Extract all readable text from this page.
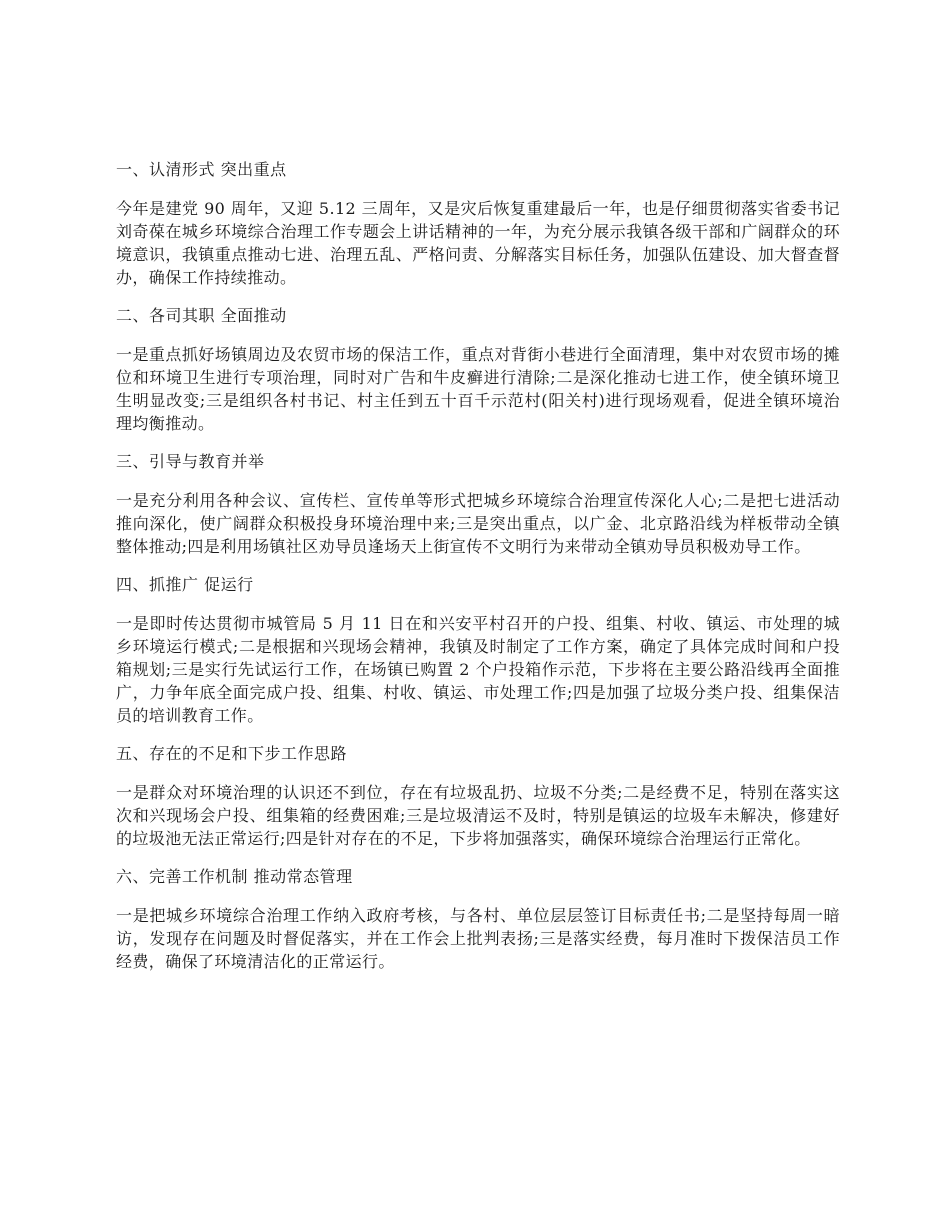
一、认清形式 突出重点

今年是建党 90 周年，又迎 5.12 三周年，又是灾后恢复重建最后一年，也是仔细贯彻落实省委书记刘奇葆在城乡环境综合治理工作专题会上讲话精神的一年，为充分展示我镇各级干部和广阔群众的环境意识，我镇重点推动七进、治理五乱、严格问责、分解落实目标任务，加强队伍建设、加大督查督办，确保工作持续推动。

二、各司其职 全面推动

一是重点抓好场镇周边及农贸市场的保洁工作，重点对背街小巷进行全面清理，集中对农贸市场的摊位和环境卫生进行专项治理，同时对广告和牛皮癣进行清除;二是深化推动七进工作，使全镇环境卫生明显改变;三是组织各村书记、村主任到五十百千示范村(阳关村)进行现场观看，促进全镇环境治理均衡推动。

三、引导与教育并举

一是充分利用各种会议、宣传栏、宣传单等形式把城乡环境综合治理宣传深化人心;二是把七进活动推向深化，使广阔群众积极投身环境治理中来;三是突出重点，以广金、北京路沿线为样板带动全镇整体推动;四是利用场镇社区劝导员逢场天上街宣传不文明行为来带动全镇劝导员积极劝导工作。

四、抓推广 促运行

一是即时传达贯彻市城管局 5 月 11 日在和兴安平村召开的户投、组集、村收、镇运、市处理的城乡环境运行模式;二是根据和兴现场会精神，我镇及时制定了工作方案，确定了具体完成时间和户投箱规划;三是实行先试运行工作，在场镇已购置 2 个户投箱作示范，下步将在主要公路沿线再全面推广，力争年底全面完成户投、组集、村收、镇运、市处理工作;四是加强了垃圾分类户投、组集保洁员的培训教育工作。

五、存在的不足和下步工作思路

一是群众对环境治理的认识还不到位，存在有垃圾乱扔、垃圾不分类;二是经费不足，特别在落实这次和兴现场会户投、组集箱的经费困难;三是垃圾清运不及时，特别是镇运的垃圾车未解决，修建好的垃圾池无法正常运行;四是针对存在的不足，下步将加强落实，确保环境综合治理运行正常化。

六、完善工作机制 推动常态管理

一是把城乡环境综合治理工作纳入政府考核，与各村、单位层层签订目标责任书;二是坚持每周一暗访，发现存在问题及时督促落实，并在工作会上批判表扬;三是落实经费，每月准时下拨保洁员工作经费，确保了环境清洁化的正常运行。
